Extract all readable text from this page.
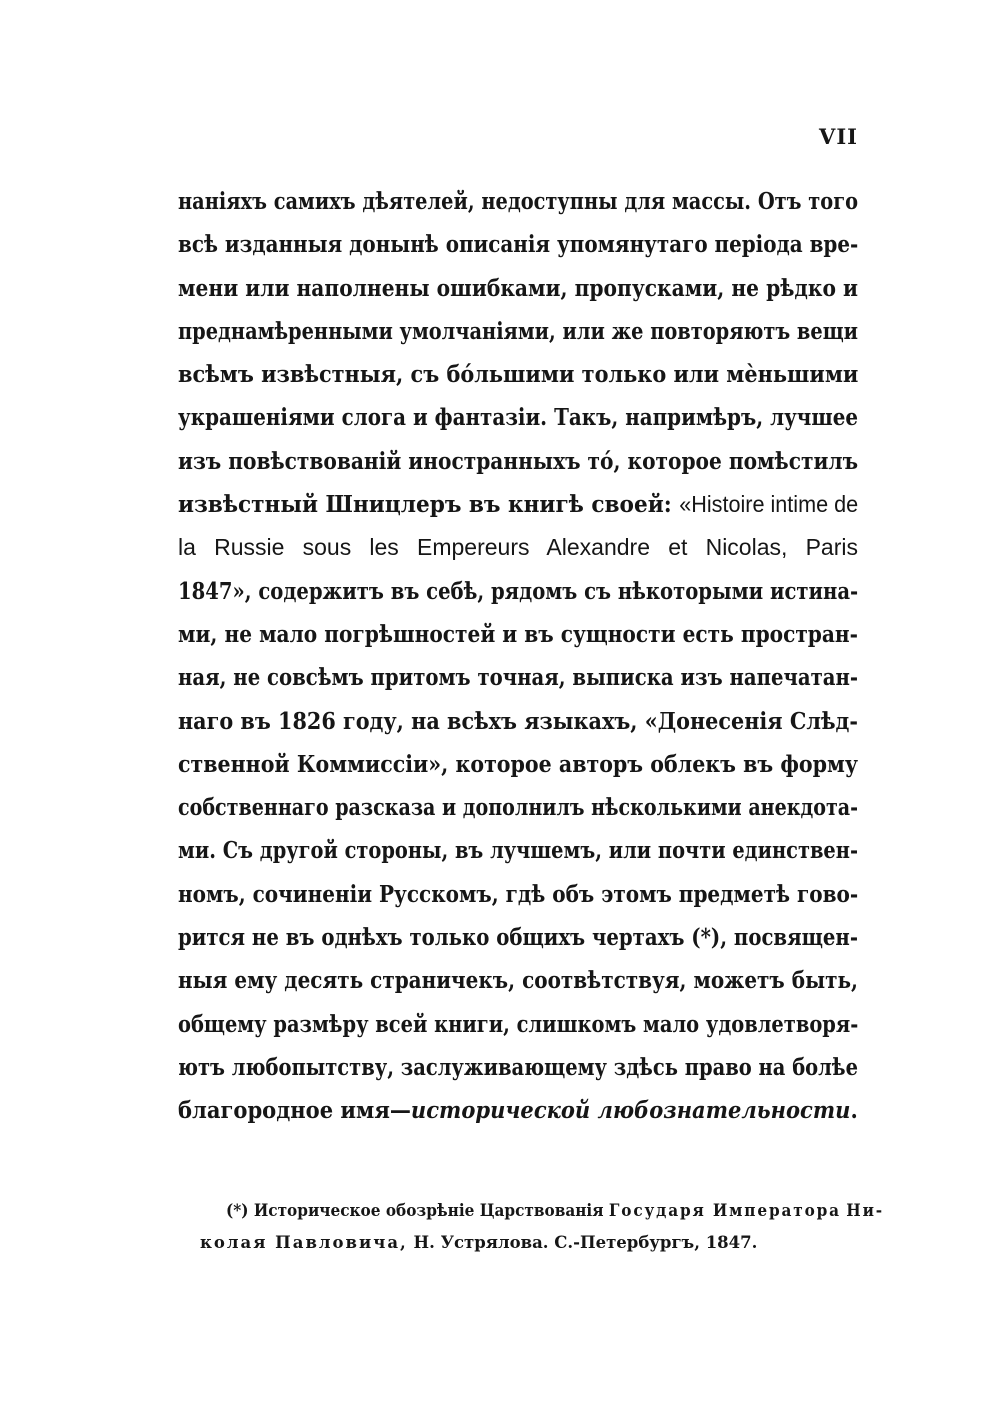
VII
наніяхъ самихъ дѣятелей, недоступны для массы. Отъ того
всѣ изданныя донынѣ описанія упомянутаго періода вре-
мени или наполнены ошибками, пропусками, не рѣдко и
преднамѣренными умолчаніями, или же повторяютъ вещи
всѣмъ извѣстныя, съ бо́льшими только или мѐньшими
украшеніями слога и фантазіи. Такъ, напримѣръ, лучшее
изъ повѣствованій иностранныхъ то́, которое помѣстилъ
извѣстный Шницлеръ въ книгѣ своей: «Histoire intime de
la Russie sous les Empereurs Alexandre et Nicolas, Paris
1847», содержитъ въ себѣ, рядомъ съ нѣкоторыми истина-
ми, не мало погрѣшностей и въ сущности есть простран-
ная, не совсѣмъ притомъ точная, выписка изъ напечатан-
наго въ 1826 году, на всѣхъ языкахъ, «Донесенія Слѣд-
ственной Коммиссіи», которое авторъ облекъ въ форму
собственнаго разсказа и дополнилъ нѣсколькими анекдота-
ми. Съ другой стороны, въ лучшемъ, или почти единствен-
номъ, сочиненіи Русскомъ, гдѣ объ этомъ предметѣ гово-
рится не въ однѣхъ только общихъ чертахъ (*), посвящен-
ныя ему десять страничекъ, соотвѣтствуя, можетъ быть,
общему размѣру всей книги, слишкомъ мало удовлетворя-
ютъ любопытству, заслуживающему здѣсь право на болѣе
благородное имя—исторической любознательности.
(*) Историческое обозрѣніе Царствованія Государя Императора Ни-
колая Павловича, Н. Устрялова. С.-Петербургъ, 1847.
